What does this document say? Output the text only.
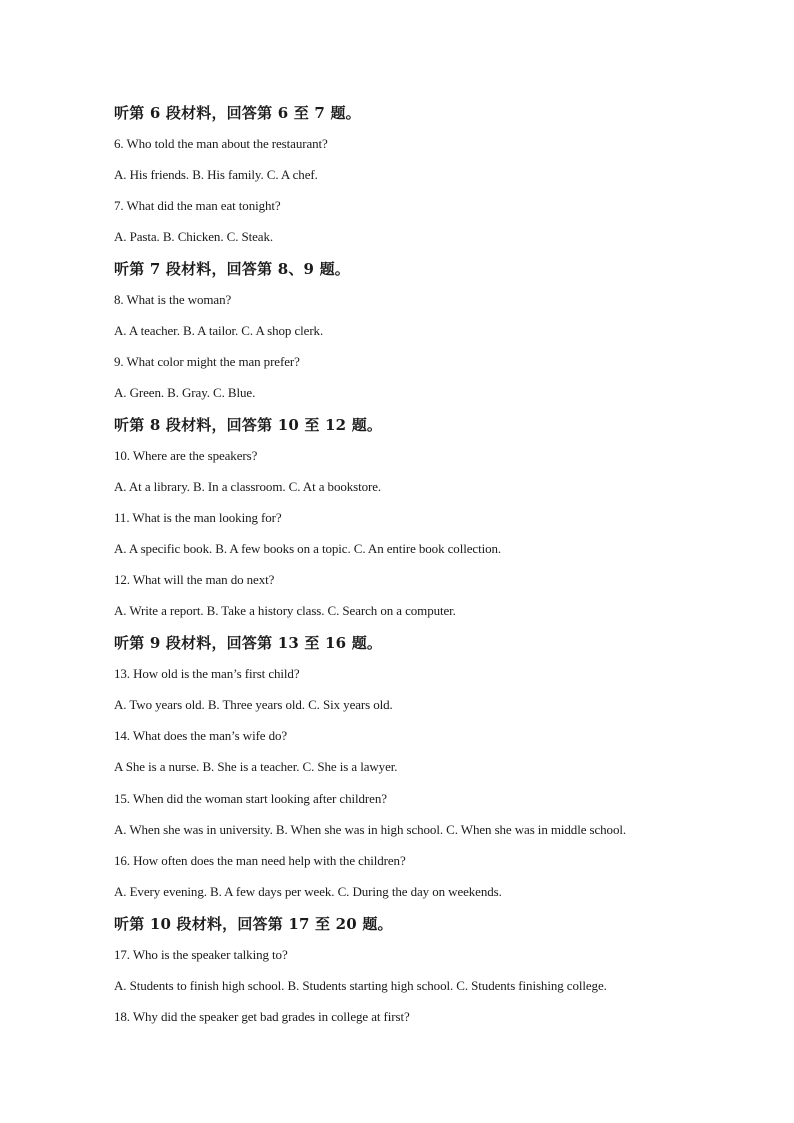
听第 6 段材料，回答第 6 至 7 题。
6. Who told the man about the restaurant?
A. His friends. B. His family. C. A chef.
7. What did the man eat tonight?
A. Pasta. B. Chicken. C. Steak.
听第 7 段材料，回答第 8、9 题。
8. What is the woman?
A. A teacher. B. A tailor. C. A shop clerk.
9. What color might the man prefer?
A. Green. B. Gray. C. Blue.
听第 8 段材料，回答第 10 至 12 题。
10. Where are the speakers?
A. At a library. B. In a classroom. C. At a bookstore.
11. What is the man looking for?
A. A specific book. B. A few books on a topic. C. An entire book collection.
12. What will the man do next?
A. Write a report. B. Take a history class. C. Search on a computer.
听第 9 段材料，回答第 13 至 16 题。
13. How old is the man’s first child?
A. Two years old. B. Three years old. C. Six years old.
14. What does the man’s wife do?
A She is a nurse. B. She is a teacher. C. She is a lawyer.
15. When did the woman start looking after children?
A. When she was in university. B. When she was in high school. C. When she was in middle school.
16. How often does the man need help with the children?
A. Every evening. B. A few days per week. C. During the day on weekends.
听第 10 段材料，回答第 17 至 20 题。
17. Who is the speaker talking to?
A. Students to finish high school. B. Students starting high school. C. Students finishing college.
18. Why did the speaker get bad grades in college at first?
